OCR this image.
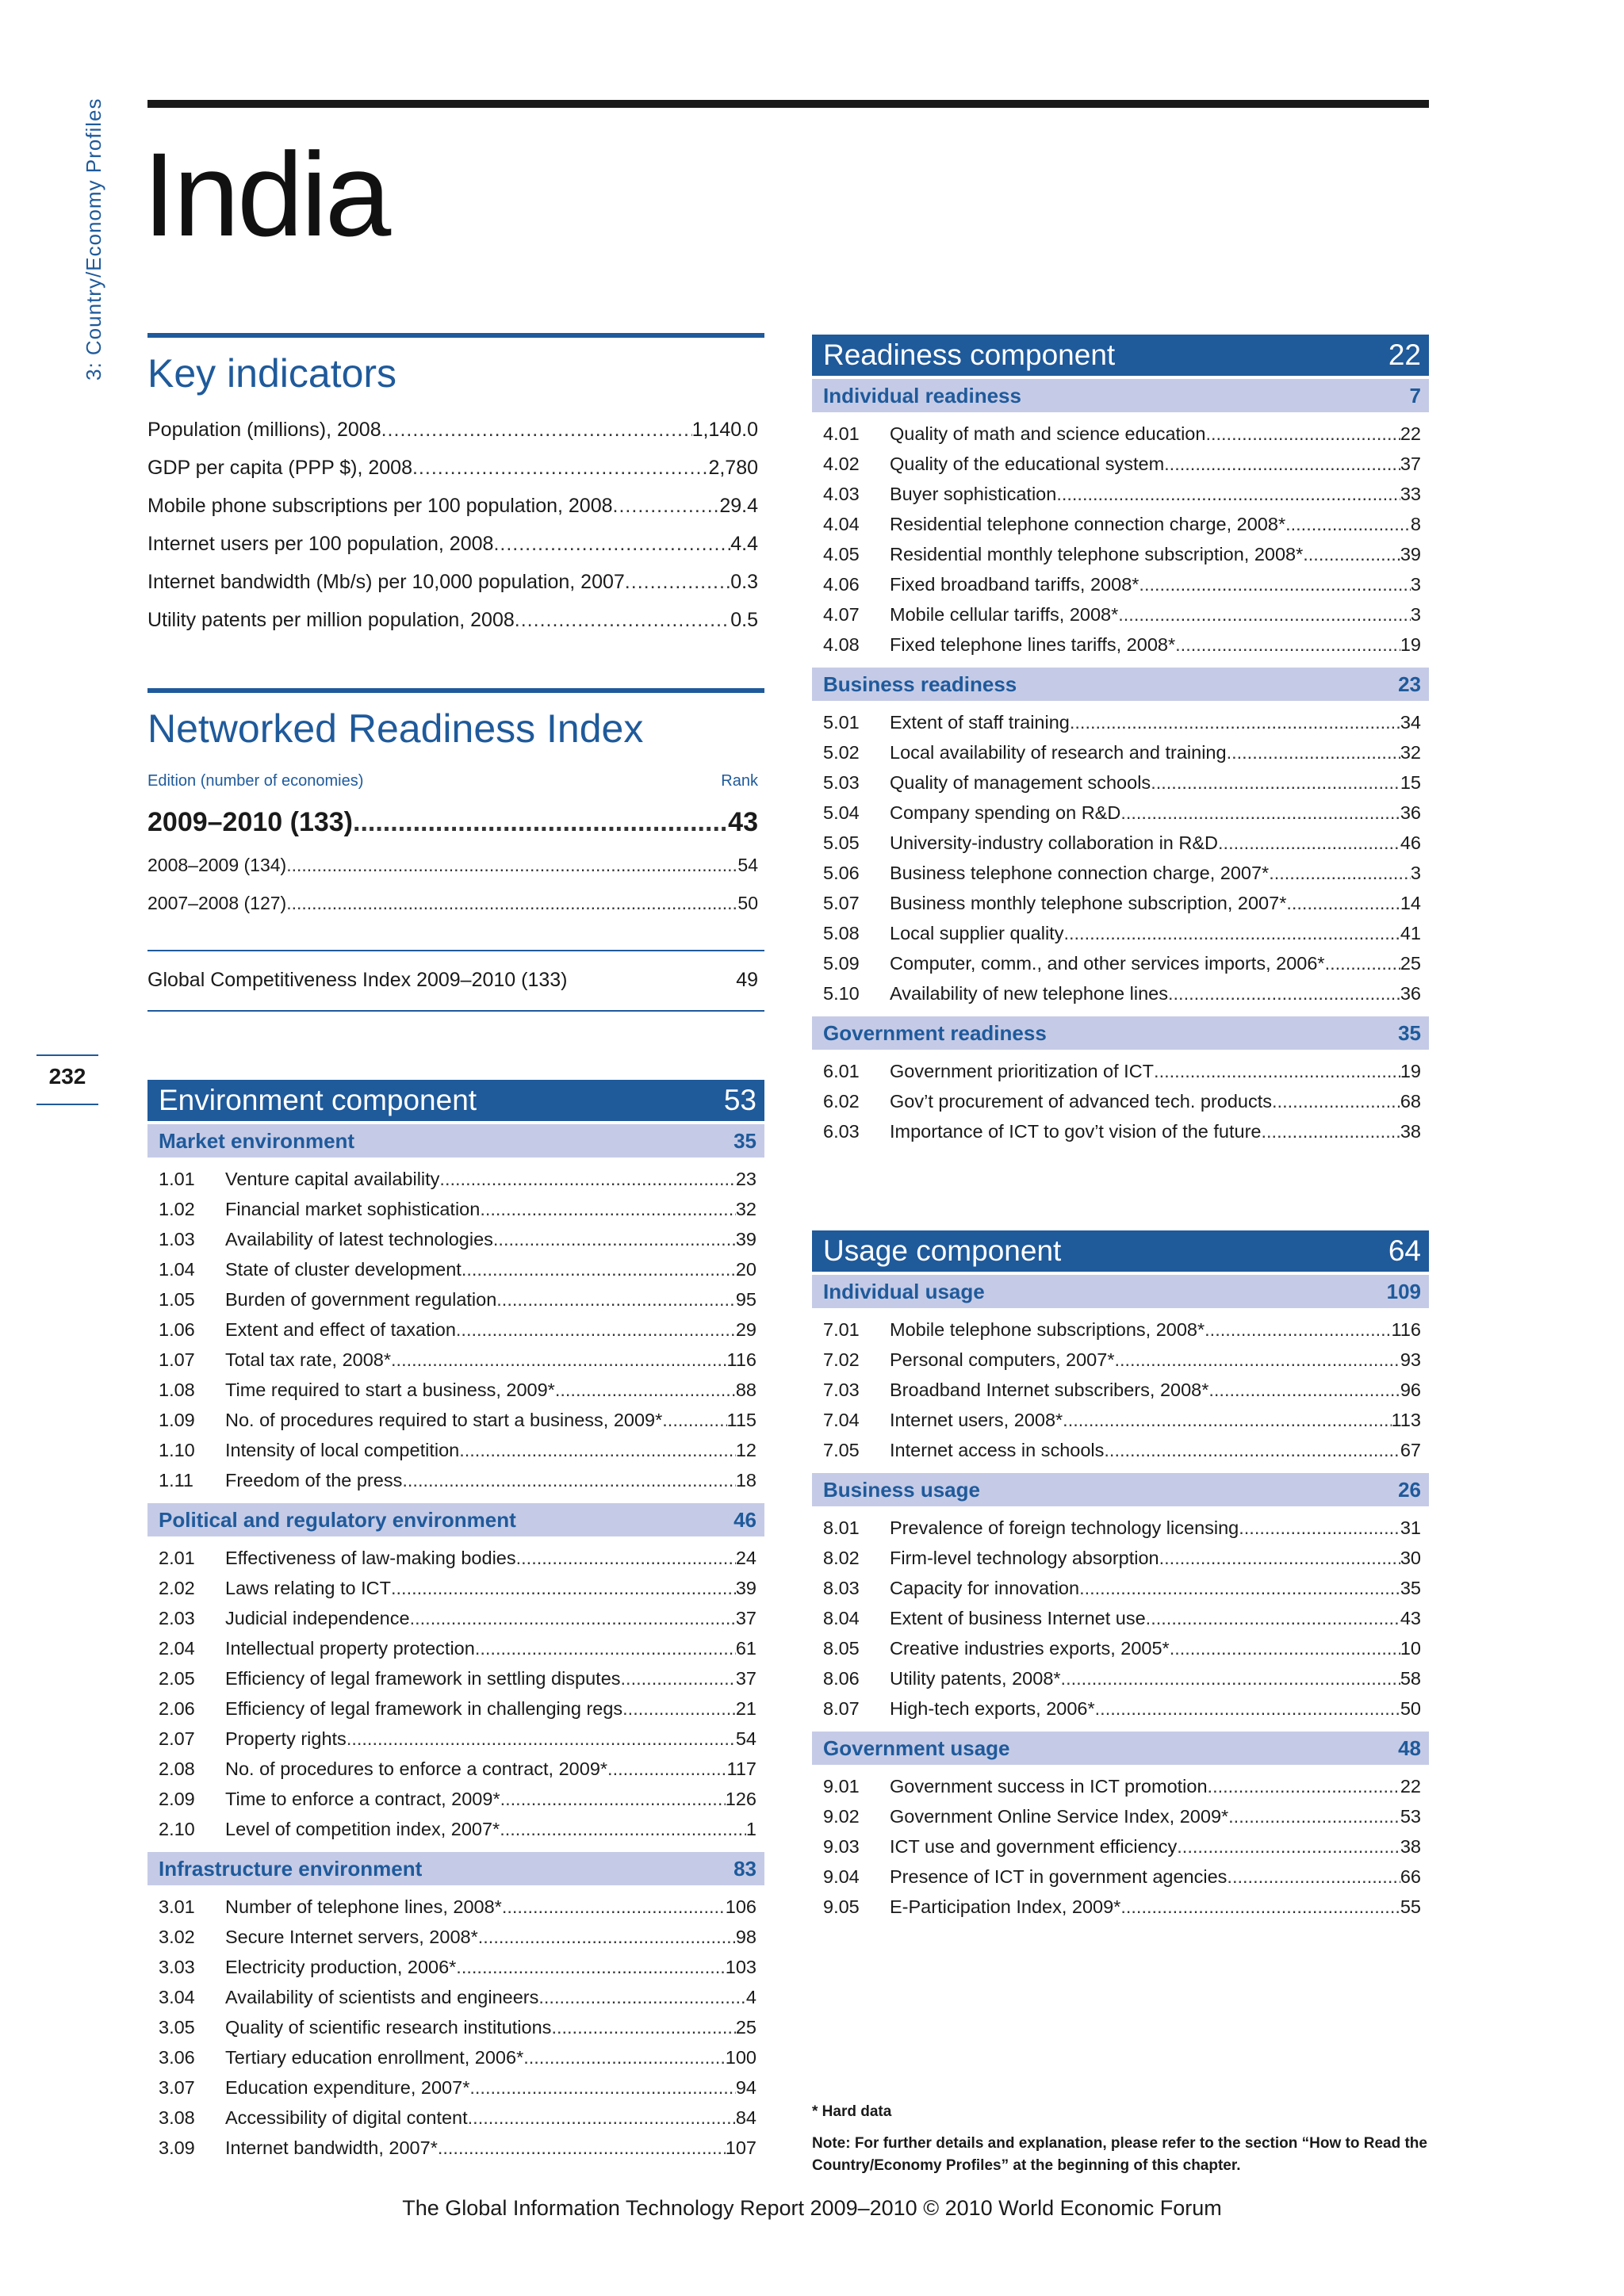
3: Country/Economy Profiles
232
India
Key indicators
Population (millions), 2008 .....	1,140.0
GDP per capita (PPP $), 2008 .....	2,780
Mobile phone subscriptions per 100 population, 2008 .....	29.4
Internet users per 100 population, 2008 .....	4.4
Internet bandwidth (Mb/s) per 10,000 population, 2007 .....	0.3
Utility patents per million population, 2008 .....	0.5
Networked Readiness Index
Edition (number of economies)	Rank
2009–2010 (133) .....	43
2008–2009 (134) .....	54
2007–2008 (127) .....	50
Global Competitiveness Index 2009–2010 (133)	49
Environment component	53
Market environment	35
1.01	Venture capital availability .....	23
1.02	Financial market sophistication .....	32
1.03	Availability of latest technologies .....	39
1.04	State of cluster development .....	20
1.05	Burden of government regulation .....	95
1.06	Extent and effect of taxation .....	29
1.07	Total tax rate, 2008* .....	116
1.08	Time required to start a business, 2009* .....	88
1.09	No. of procedures required to start a business, 2009* .....	115
1.10	Intensity of local competition .....	12
1.11	Freedom of the press .....	18
Political and regulatory environment	46
2.01	Effectiveness of law-making bodies .....	24
2.02	Laws relating to ICT .....	39
2.03	Judicial independence .....	37
2.04	Intellectual property protection .....	61
2.05	Efficiency of legal framework in settling disputes .....	37
2.06	Efficiency of legal framework in challenging regs .....	21
2.07	Property rights .....	54
2.08	No. of procedures to enforce a contract, 2009* .....	117
2.09	Time to enforce a contract, 2009* .....	126
2.10	Level of competition index, 2007* .....	1
Infrastructure environment	83
3.01	Number of telephone lines, 2008* .....	106
3.02	Secure Internet servers, 2008* .....	98
3.03	Electricity production, 2006* .....	103
3.04	Availability of scientists and engineers .....	4
3.05	Quality of scientific research institutions .....	25
3.06	Tertiary education enrollment, 2006* .....	100
3.07	Education expenditure, 2007* .....	94
3.08	Accessibility of digital content .....	84
3.09	Internet bandwidth, 2007* .....	107
Readiness component	22
Individual readiness	7
4.01	Quality of math and science education .....	22
4.02	Quality of the educational system .....	37
4.03	Buyer sophistication .....	33
4.04	Residential telephone connection charge, 2008* .....	8
4.05	Residential monthly telephone subscription, 2008* .....	39
4.06	Fixed broadband tariffs, 2008* .....	3
4.07	Mobile cellular tariffs, 2008* .....	3
4.08	Fixed telephone lines tariffs, 2008* .....	19
Business readiness	23
5.01	Extent of staff training .....	34
5.02	Local availability of research and training .....	32
5.03	Quality of management schools .....	15
5.04	Company spending on R&D .....	36
5.05	University-industry collaboration in R&D .....	46
5.06	Business telephone connection charge, 2007* .....	3
5.07	Business monthly telephone subscription, 2007* .....	14
5.08	Local supplier quality .....	41
5.09	Computer, comm., and other services imports, 2006* .....	25
5.10	Availability of new telephone lines .....	36
Government readiness	35
6.01	Government prioritization of ICT .....	19
6.02	Gov’t procurement of advanced tech. products .....	68
6.03	Importance of ICT to gov’t vision of the future .....	38
Usage component	64
Individual usage	109
7.01	Mobile telephone subscriptions, 2008* .....	116
7.02	Personal computers, 2007* .....	93
7.03	Broadband Internet subscribers, 2008* .....	96
7.04	Internet users, 2008* .....	113
7.05	Internet access in schools .....	67
Business usage	26
8.01	Prevalence of foreign technology licensing .....	31
8.02	Firm-level technology absorption .....	30
8.03	Capacity for innovation .....	35
8.04	Extent of business Internet use .....	43
8.05	Creative industries exports, 2005* .....	10
8.06	Utility patents, 2008* .....	58
8.07	High-tech exports, 2006* .....	50
Government usage	48
9.01	Government success in ICT promotion .....	22
9.02	Government Online Service Index, 2009* .....	53
9.03	ICT use and government efficiency .....	38
9.04	Presence of ICT in government agencies .....	66
9.05	E-Participation Index, 2009* .....	55
* Hard data
Note: For further details and explanation, please refer to the section “How to Read the Country/Economy Profiles” at the beginning of this chapter.
The Global Information Technology Report 2009–2010 © 2010 World Economic Forum
